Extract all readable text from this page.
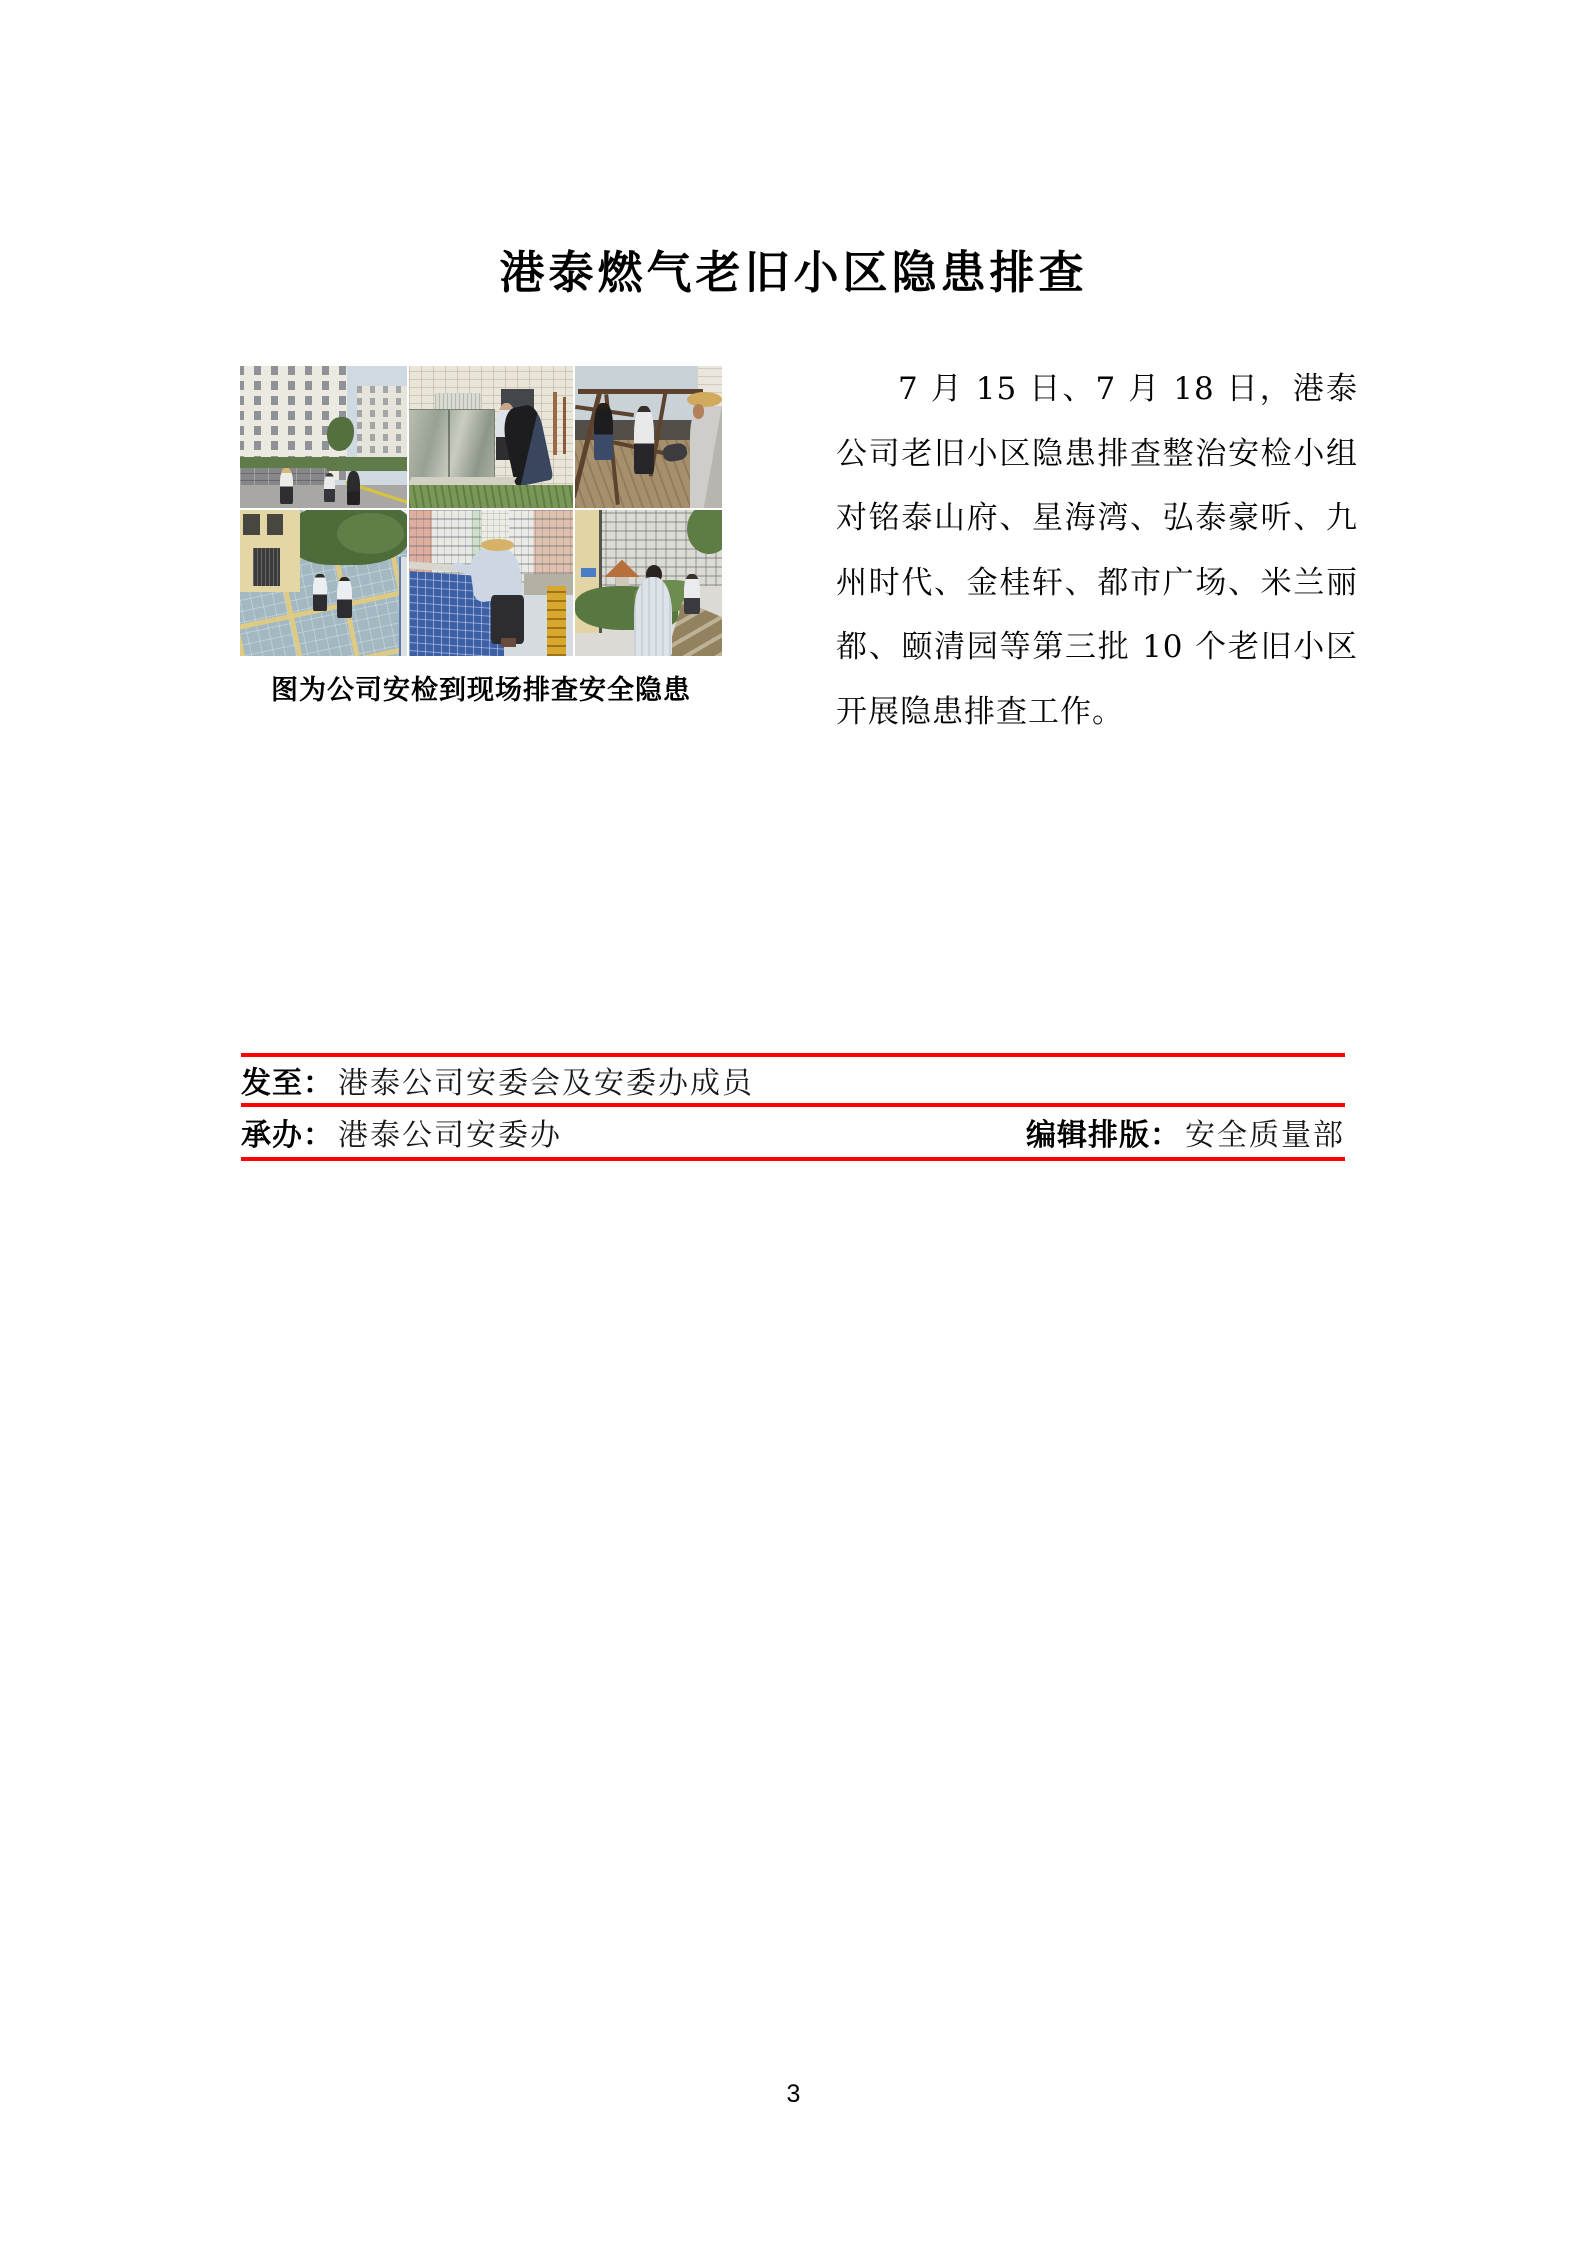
港泰燃气老旧小区隐患排查
图为公司安检到现场排查安全隐患
7 月 15 日、7 月 18 日，港泰公司老旧小区隐患排查整治安检小组对铭泰山府、星海湾、弘泰豪听、九州时代、金桂轩、都市广场、米兰丽都、颐清园等第三批 10 个老旧小区开展隐患排查工作。
发至： 港泰公司安委会及安委办成员
承办： 港泰公司安委办	编辑排版： 安全质量部
3
